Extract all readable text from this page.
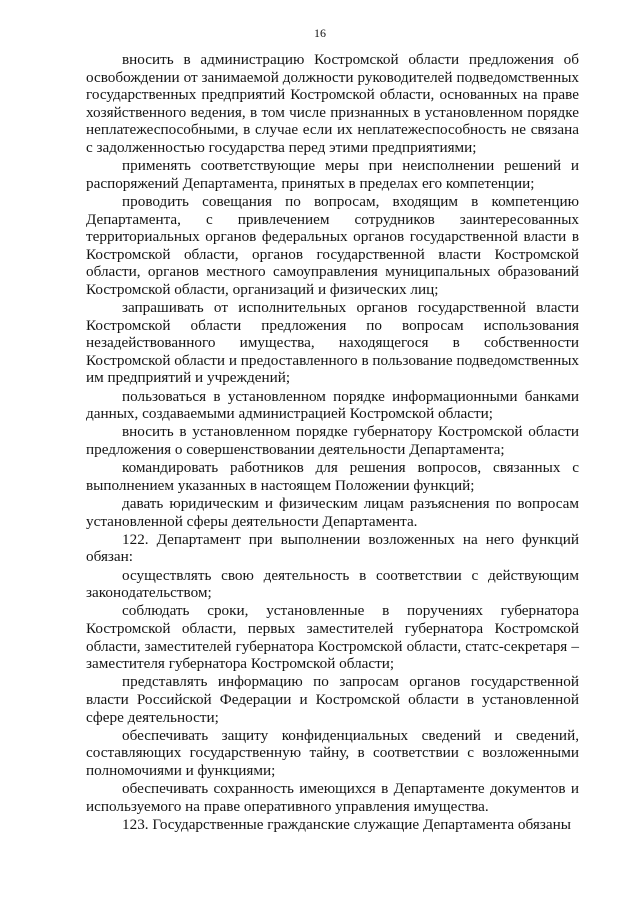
16

вносить в администрацию Костромской области предложения об освобождении от занимаемой должности руководителей подведомственных государственных предприятий Костромской области, основанных на праве хозяйственного ведения, в том числе признанных в установленном порядке неплатежеспособными, в случае если их неплатежеспособность не связана с задолженностью государства перед этими предприятиями;

применять соответствующие меры при неисполнении решений и распоряжений Департамента, принятых в пределах его компетенции;

проводить совещания по вопросам, входящим в компетенцию Департамента, с привлечением сотрудников заинтересованных территориальных органов федеральных органов государственной власти в Костромской области, органов государственной власти Костромской области, органов местного самоуправления муниципальных образований Костромской области, организаций и физических лиц;

запрашивать от исполнительных органов государственной власти Костромской области предложения по вопросам использования незадействованного имущества, находящегося в собственности Костромской области и предоставленного в пользование подведомственных им предприятий и учреждений;

пользоваться в установленном порядке информационными банками данных, создаваемыми администрацией Костромской области;

вносить в установленном порядке губернатору Костромской области предложения о совершенствовании деятельности Департамента;

командировать работников для решения вопросов, связанных с выполнением указанных в настоящем Положении функций;

давать юридическим и физическим лицам разъяснения по вопросам установленной сферы деятельности Департамента.

122. Департамент при выполнении возложенных на него функций обязан:

осуществлять свою деятельность в соответствии с действующим законодательством;

соблюдать сроки, установленные в поручениях губернатора Костромской области, первых заместителей губернатора Костромской области, заместителей губернатора Костромской области, статс-секретаря – заместителя губернатора Костромской области;

представлять информацию по запросам органов государственной власти Российской Федерации и Костромской области в установленной сфере деятельности;

обеспечивать защиту конфиденциальных сведений и сведений, составляющих государственную тайну, в соответствии с возложенными полномочиями и функциями;

обеспечивать сохранность имеющихся в Департаменте документов и используемого на праве оперативного управления имущества.

123. Государственные гражданские служащие Департамента обязаны
